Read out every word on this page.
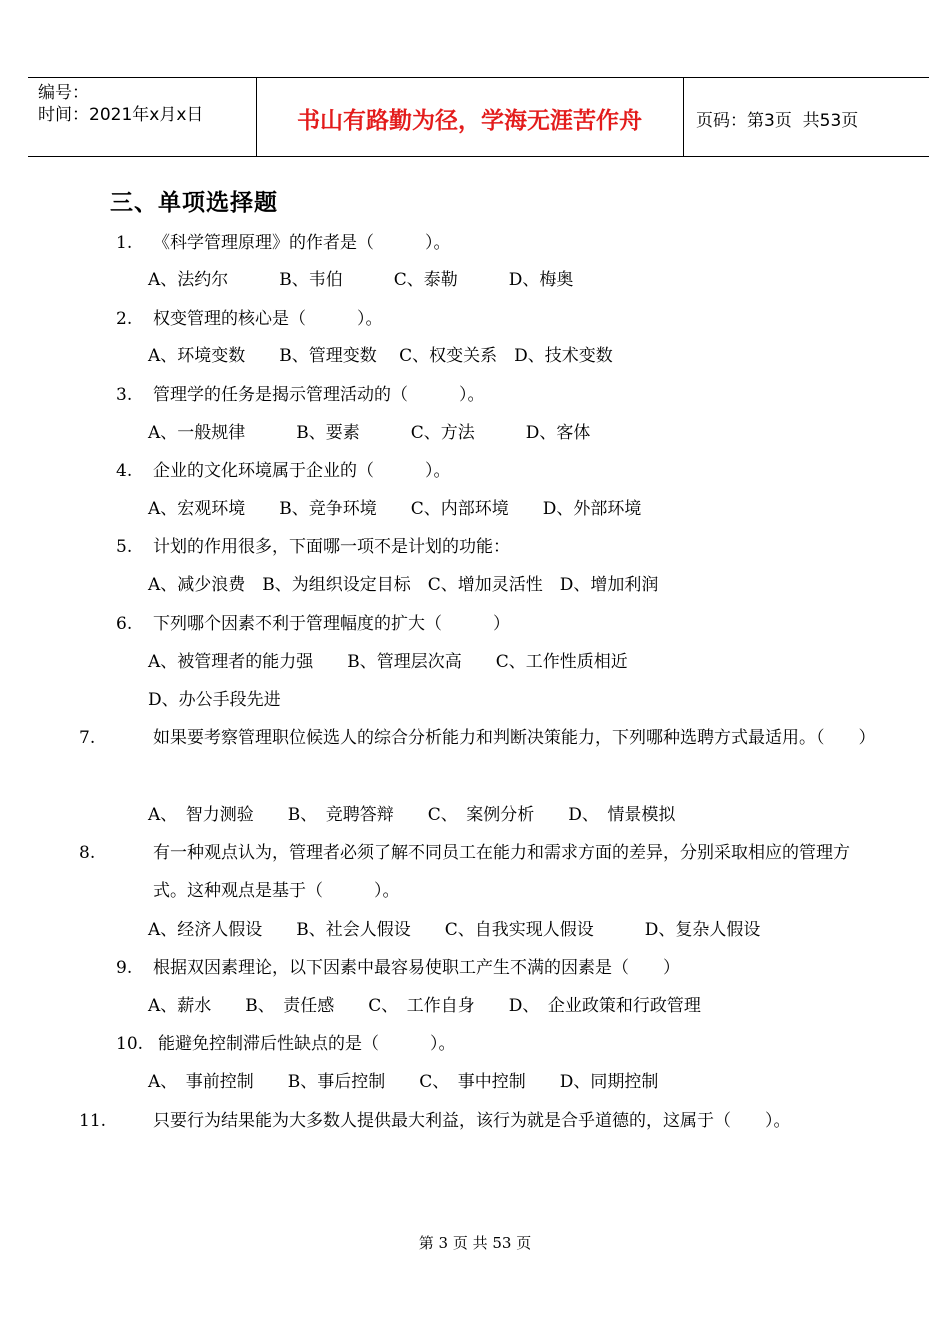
编号：
时间：2021年x月x日	书山有路勤为径，学海无涯苦作舟	页码：第3页  共53页
三、单项选择题
1. 《科学管理原理》的作者是（　　　）。
A、法约尔　　　B、韦伯　　　C、泰勒　　　D、梅奥
2. 权变管理的核心是（　　　）。
A、环境变数　　B、管理变数　 C、权变关系　D、技术变数
3. 管理学的任务是揭示管理活动的（　　　）。
A、一般规律　　　B、要素　　　C、方法　　　D、客体
4. 企业的文化环境属于企业的（　　　）。
A、宏观环境　　B、竞争环境　　C、内部环境　　D、外部环境
5. 计划的作用很多，下面哪一项不是计划的功能：
A、减少浪费　B、为组织设定目标　C、增加灵活性　D、增加利润
6. 下列哪个因素不利于管理幅度的扩大（　　　）
A、被管理者的能力强　　B、管理层次高　　C、工作性质相近
D、办公手段先进
7.	如果要考察管理职位候选人的综合分析能力和判断决策能力，下列哪种选聘方式最适用。（　　）
A、　智力测验　　B、　竞聘答辩　　C、　案例分析　　D、　情景模拟
8.	有一种观点认为，管理者必须了解不同员工在能力和需求方面的差异，分别采取相应的管理方式。这种观点是基于（　　　）。
A、经济人假设　　B、社会人假设　　C、自我实现人假设　　　D、复杂人假设
9. 根据双因素理论，以下因素中最容易使职工产生不满的因素是（　　）
A、薪水　　B、　责任感　　C、　工作自身　　D、　企业政策和行政管理
10. 能避免控制滞后性缺点的是（　　　）。
A、　事前控制　　B、事后控制　　C、　事中控制　　D、同期控制
11.	只要行为结果能为大多数人提供最大利益，该行为就是合乎道德的，这属于（　　）。
第 3 页 共 53 页
